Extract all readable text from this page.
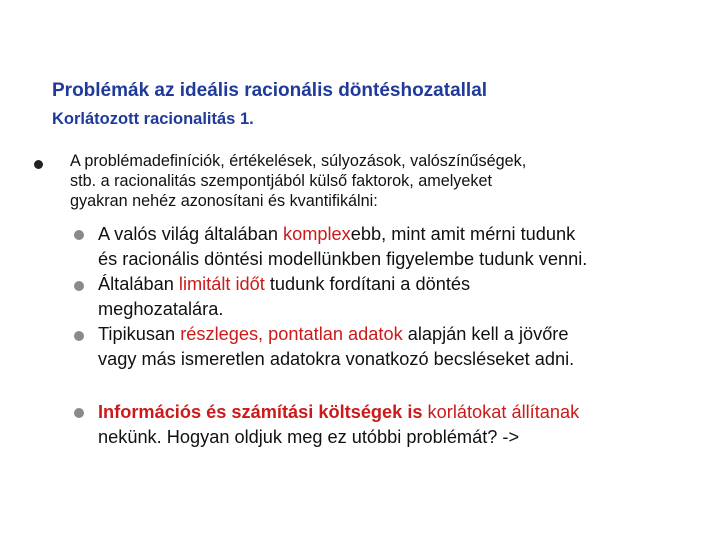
Problémák az ideális racionális döntéshozatallal
Korlátozott racionalitás 1.
A problémadefiníciók, értékelések, súlyozások, valószínűségek,
stb. a racionalitás szempontjából külső faktorok, amelyeket
gyakran nehéz azonosítani és kvantifikálni:
A valós világ általában komplexebb, mint amit mérni tudunk
és racionális döntési modellünkben figyelembe tudunk venni.
Általában limitált időt tudunk fordítani a döntés
meghozatalára.
Tipikusan részleges, pontatlan adatok alapján kell a jövőre
vagy más ismeretlen adatokra vonatkozó becsléseket adni.
Információs és számítási költségek is korlátokat állítanak
nekünk. Hogyan oldjuk meg ez utóbbi problémát? ->
